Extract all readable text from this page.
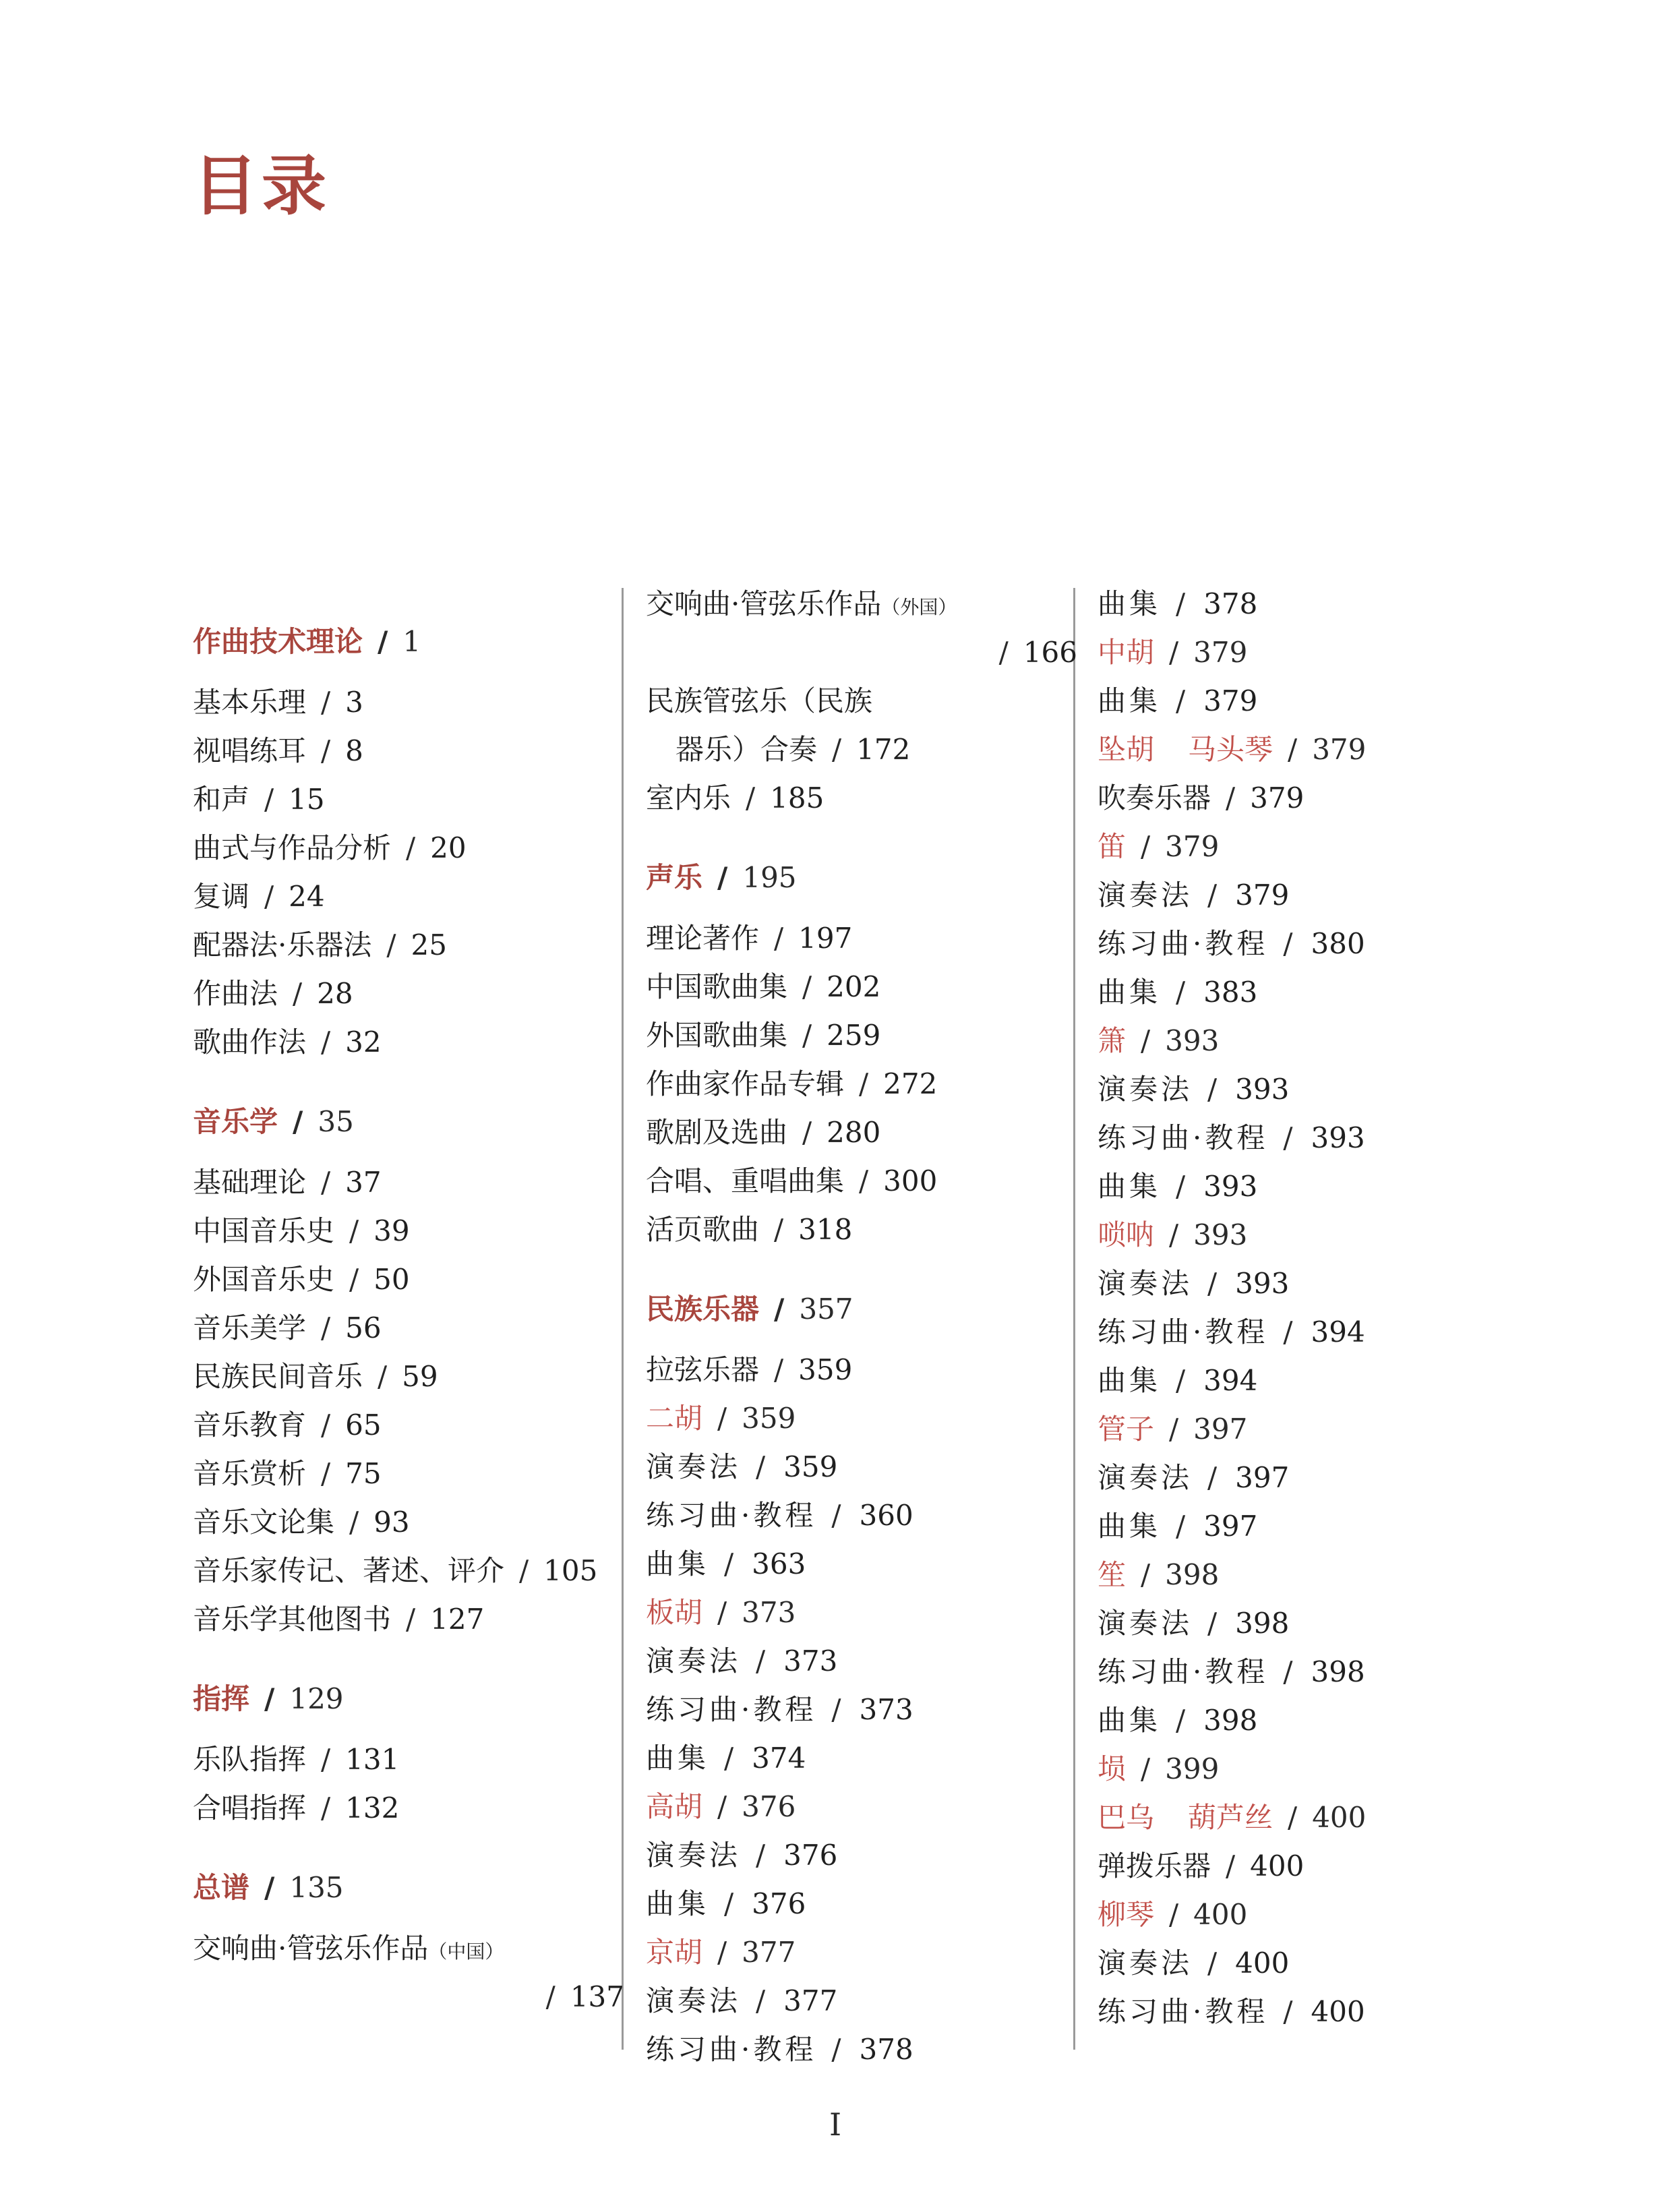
目录
作曲技术理论 / 1
基本乐理 / 3
视唱练耳 / 8
和声 / 15
曲式与作品分析 / 20
复调 / 24
配器法·乐器法 / 25
作曲法 / 28
歌曲作法 / 32
音乐学 / 35
基础理论 / 37
中国音乐史 / 39
外国音乐史 / 50
音乐美学 / 56
民族民间音乐 / 59
音乐教育 / 65
音乐赏析 / 75
音乐文论集 / 93
音乐家传记、著述、评介 / 105
音乐学其他图书 / 127
指挥 / 129
乐队指挥 / 131
合唱指挥 / 132
总谱 / 135
交响曲·管弦乐作品（中国）
/ 137
交响曲·管弦乐作品（外国）
/ 166
民族管弦乐（民族
器乐）合奏 / 172
室内乐 / 185
声乐 / 195
理论著作 / 197
中国歌曲集 / 202
外国歌曲集 / 259
作曲家作品专辑 / 272
歌剧及选曲 / 280
合唱、重唱曲集 / 300
活页歌曲 / 318
民族乐器 / 357
拉弦乐器 / 359
二胡 / 359
演奏法 / 359
练习曲·教程 / 360
曲集 / 363
板胡 / 373
演奏法 / 373
练习曲·教程 / 373
曲集 / 374
高胡 / 376
演奏法 / 376
曲集 / 376
京胡 / 377
演奏法 / 377
练习曲·教程 / 378
曲集 / 378
中胡 / 379
曲集 / 379
坠胡 马头琴 / 379
吹奏乐器 / 379
笛 / 379
演奏法 / 379
练习曲·教程 / 380
曲集 / 383
箫 / 393
演奏法 / 393
练习曲·教程 / 393
曲集 / 393
唢呐 / 393
演奏法 / 393
练习曲·教程 / 394
曲集 / 394
管子 / 397
演奏法 / 397
曲集 / 397
笙 / 398
演奏法 / 398
练习曲·教程 / 398
曲集 / 398
埙 / 399
巴乌 葫芦丝 / 400
弹拨乐器 / 400
柳琴 / 400
演奏法 / 400
练习曲·教程 / 400
I
